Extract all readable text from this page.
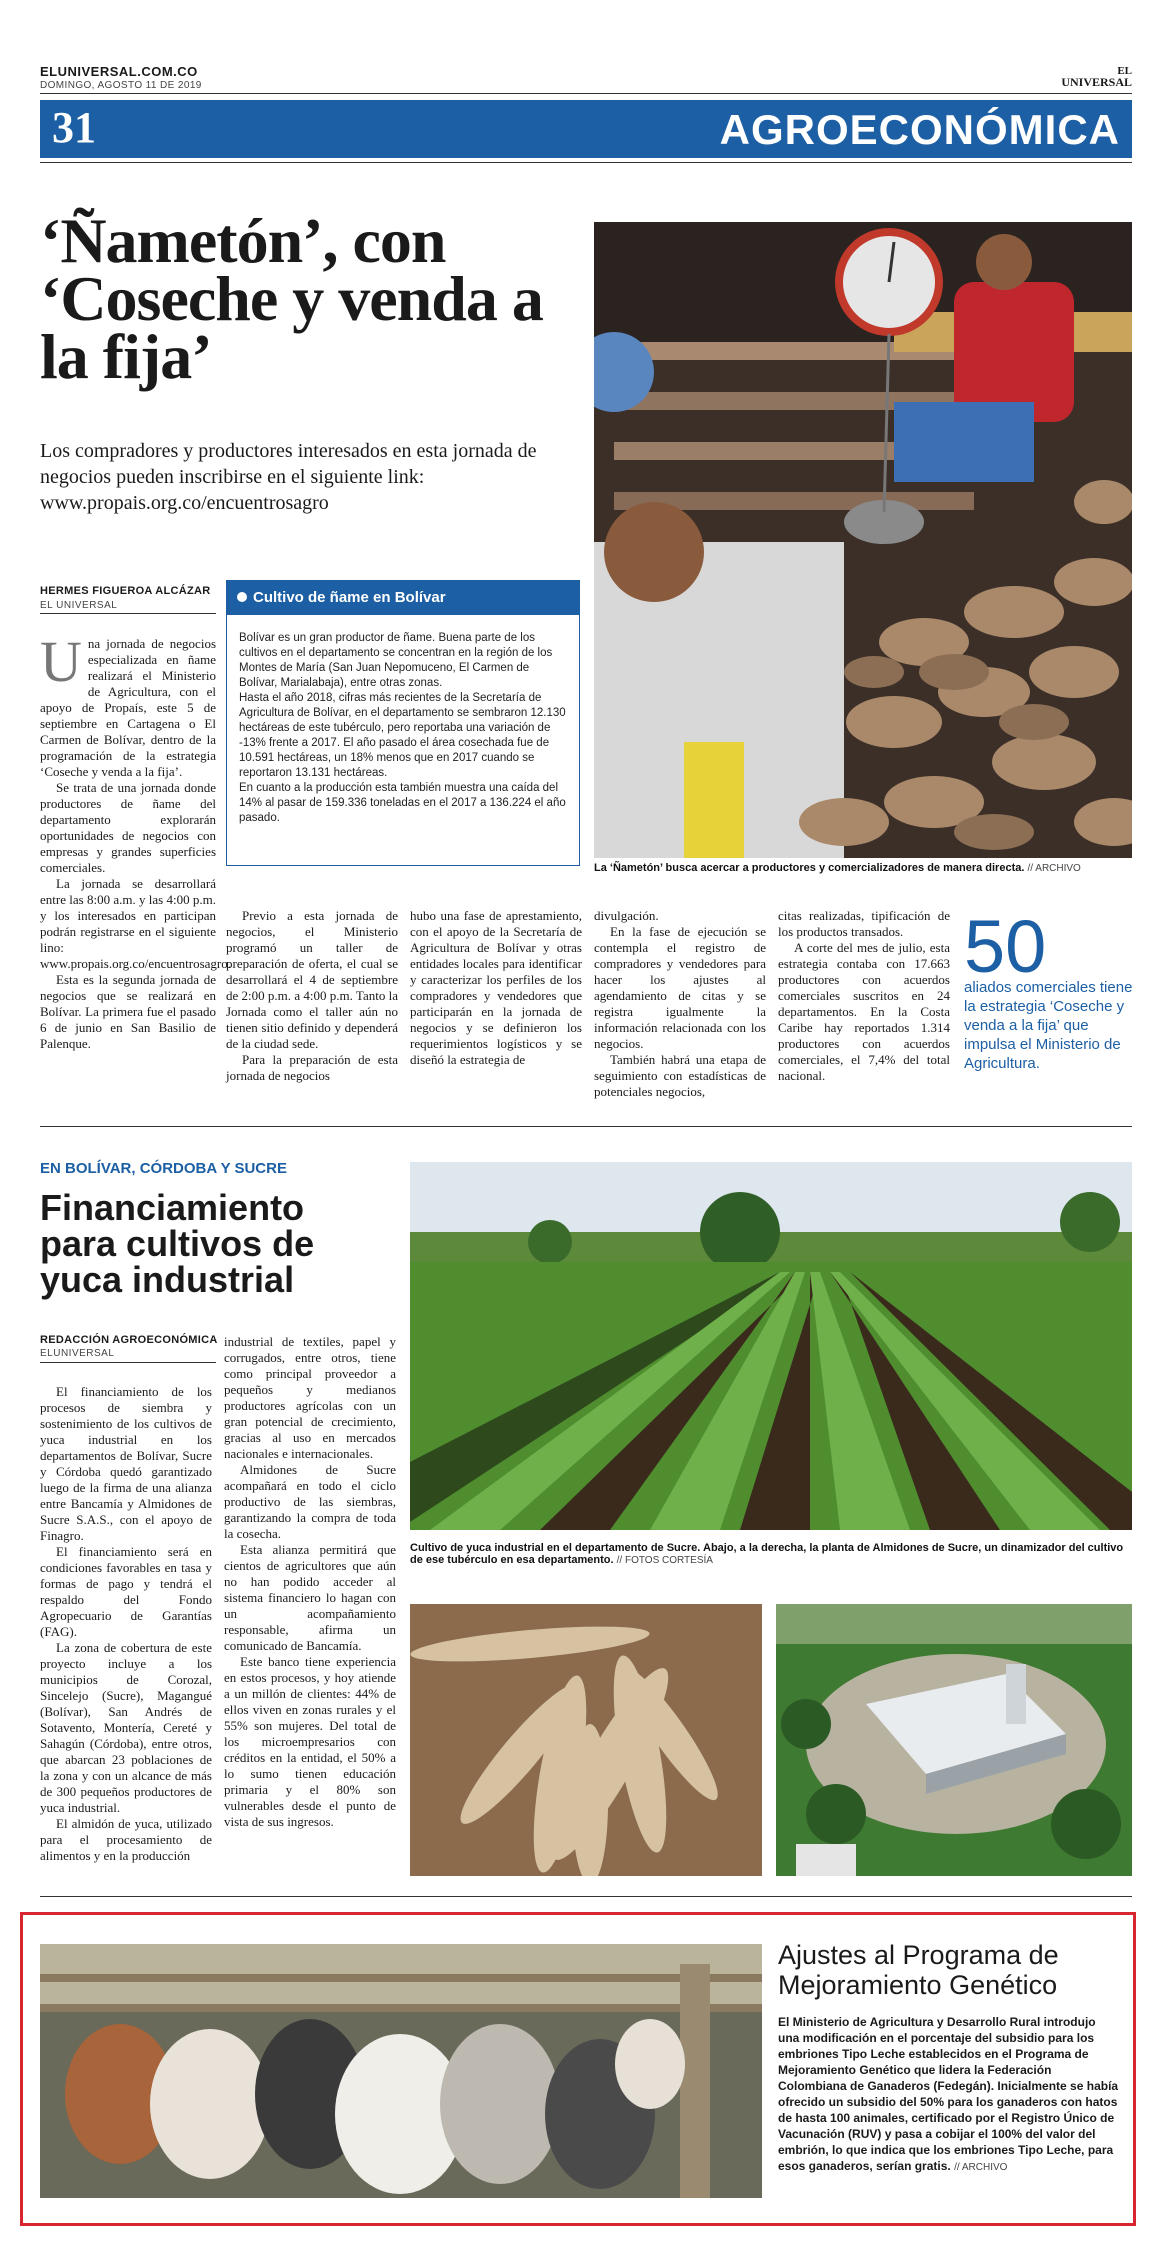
ELUNIVERSAL.COM.CO
DOMINGO, AGOSTO 11 DE 2019
EL
UNIVERSAL
31	AGROECONÓMICA
‘Ñametón’, con ‘Coseche y venda a la fija’
Los compradores y productores interesados en esta jornada de negocios pueden inscribirse en el siguiente link: www.propais.org.co/encuentrosagro
HERMES FIGUEROA ALCÁZAR
EL UNIVERSAL

Una jornada de negocios especializada en ñame realizará el Ministerio de Agricultura, con el apoyo de Propaís, este 5 de septiembre en Cartagena o El Carmen de Bolívar, dentro de la programación de la estrategia ‘Coseche y venda a la fija’.

Se trata de una jornada donde productores de ñame del departamento explorarán oportunidades de negocios con empresas y grandes superficies comerciales.

La jornada se desarrollará entre las 8:00 a.m. y las 4:00 p.m. y los interesados en participan podrán registrarse en el siguiente lino: www.propais.org.co/encuentrosagro.

Esta es la segunda jornada de negocios que se realizará en Bolívar. La primera fue el pasado 6 de junio en San Basilio de Palenque.

Cultivo de ñame en Bolívar

Bolívar es un gran productor de ñame. Buena parte de los cultivos en el departamento se concentran en la región de los Montes de María (San Juan Nepomuceno, El Carmen de Bolívar, Marialabaja), entre otras zonas.

Hasta el año 2018, cifras más recientes de la Secretaría de Agricultura de Bolívar, en el departamento se sembraron 12.130 hectáreas de este tubérculo, pero reportaba una variación de -13% frente a 2017. El año pasado el área cosechada fue de 10.591 hectáreas, un 18% menos que en 2017 cuando se reportaron 13.131 hectáreas.

En cuanto a la producción esta también muestra una caída del 14% al pasar de 159.336 toneladas en el 2017 a 136.224 el año pasado.

La ‘Ñametón’ busca acercar a productores y comercializadores de manera directa. // ARCHIVO

Previo a esta jornada de negocios, el Ministerio programó un taller de preparación de oferta, el cual se desarrollará el 4 de septiembre de 2:00 p.m. a 4:00 p.m. Tanto la Jornada como el taller aún no tienen sitio definido y dependerá de la ciudad sede.

Para la preparación de esta jornada de negocios

hubo una fase de aprestamiento, con el apoyo de la Secretaría de Agricultura de Bolívar y otras entidades locales para identificar y caracterizar los perfiles de los compradores y vendedores que participarán en la jornada de negocios y se definieron los requerimientos logísticos y se diseñó la estrategia de

divulgación.

En la fase de ejecución se contempla el registro de compradores y vendedores para hacer los ajustes al agendamiento de citas y se registra igualmente la información relacionada con los negocios.

También habrá una etapa de seguimiento con estadísticas de potenciales negocios,

citas realizadas, tipificación de los productos transados.

A corte del mes de julio, esta estrategia contaba con 17.663 productores con acuerdos comerciales suscritos en 24 departamentos. En la Costa Caribe hay reportados 1.314 productores con acuerdos comerciales, el 7,4% del total nacional.

50
aliados comerciales tiene la estrategia ‘Coseche y venda a la fija’ que impulsa el Ministerio de Agricultura.
EN BOLÍVAR, CÓRDOBA Y SUCRE
Financiamiento para cultivos de yuca industrial
REDACCIÓN AGROECONÓMICA
ELUNIVERSAL

El financiamiento de los procesos de siembra y sostenimiento de los cultivos de yuca industrial en los departamentos de Bolívar, Sucre y Córdoba quedó garantizado luego de la firma de una alianza entre Bancamía y Almidones de Sucre S.A.S., con el apoyo de Finagro.

El financiamiento será en condiciones favorables en tasa y formas de pago y tendrá el respaldo del Fondo Agropecuario de Garantías (FAG).

La zona de cobertura de este proyecto incluye a los municipios de Corozal, Sincelejo (Sucre), Magangué (Bolívar), San Andrés de Sotavento, Montería, Cereté y Sahagún (Córdoba), entre otros, que abarcan 23 poblaciones de la zona y con un alcance de más de 300 pequeños productores de yuca industrial.

El almidón de yuca, utilizado para el procesamiento de alimentos y en la producción

industrial de textiles, papel y corrugados, entre otros, tiene como principal proveedor a pequeños y medianos productores agrícolas con un gran potencial de crecimiento, gracias al uso en mercados nacionales e internacionales.

Almidones de Sucre acompañará en todo el ciclo productivo de las siembras, garantizando la compra de toda la cosecha.

Esta alianza permitirá que cientos de agricultores que aún no han podido acceder al sistema financiero lo hagan con un acompañamiento responsable, afirma un comunicado de Bancamía.

Este banco tiene experiencia en estos procesos, y hoy atiende a un millón de clientes: 44% de ellos viven en zonas rurales y el 55% son mujeres. Del total de los microempresarios con créditos en la entidad, el 50% a lo sumo tienen educación primaria y el 80% son vulnerables desde el punto de vista de sus ingresos.

Cultivo de yuca industrial en el departamento de Sucre. Abajo, a la derecha, la planta de Almidones de Sucre, un dinamizador del cultivo de ese tubérculo en esa departamento. // FOTOS CORTESÍA
Ajustes al Programa de Mejoramiento Genético
El Ministerio de Agricultura y Desarrollo Rural introdujo una modificación en el porcentaje del subsidio para los embriones Tipo Leche establecidos en el Programa de Mejoramiento Genético que lidera la Federación Colombiana de Ganaderos (Fedegán). Inicialmente se había ofrecido un subsidio del 50% para los ganaderos con hatos de hasta 100 animales, certificado por el Registro Único de Vacunación (RUV) y pasa a cobijar el 100% del valor del embrión, lo que indica que los embriones Tipo Leche, para esos ganaderos, serían gratis. // ARCHIVO
